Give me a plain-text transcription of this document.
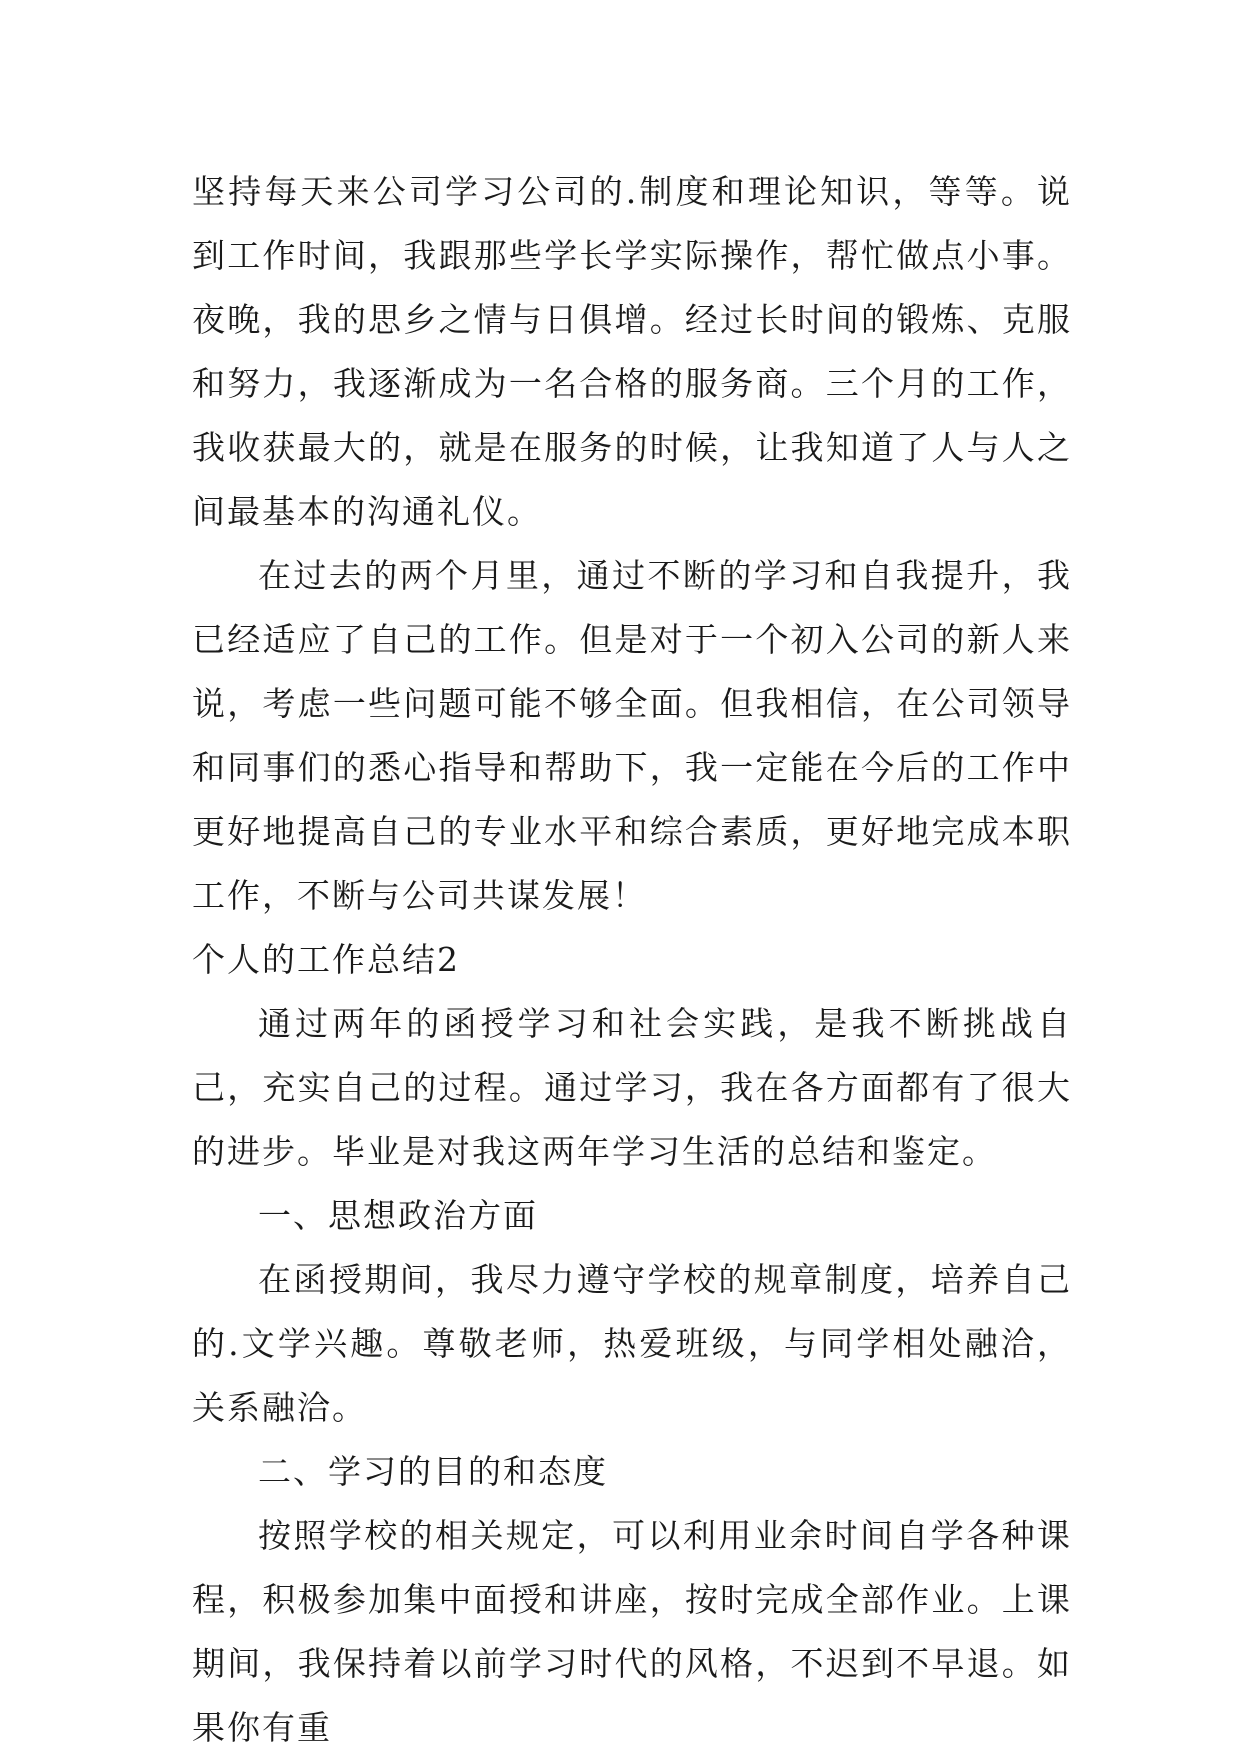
坚持每天来公司学习公司的.制度和理论知识，等等。说到工作时间，我跟那些学长学实际操作，帮忙做点小事。夜晚，我的思乡之情与日俱增。经过长时间的锻炼、克服和努力，我逐渐成为一名合格的服务商。三个月的工作，我收获最大的，就是在服务的时候，让我知道了人与人之间最基本的沟通礼仪。

在过去的两个月里，通过不断的学习和自我提升，我已经适应了自己的工作。但是对于一个初入公司的新人来说，考虑一些问题可能不够全面。但我相信，在公司领导和同事们的悉心指导和帮助下，我一定能在今后的工作中更好地提高自己的专业水平和综合素质，更好地完成本职工作，不断与公司共谋发展！

个人的工作总结2

通过两年的函授学习和社会实践，是我不断挑战自己，充实自己的过程。通过学习，我在各方面都有了很大的进步。毕业是对我这两年学习生活的总结和鉴定。

一、思想政治方面

在函授期间，我尽力遵守学校的规章制度，培养自己的.文学兴趣。尊敬老师，热爱班级，与同学相处融洽，关系融洽。

二、学习的目的和态度

按照学校的相关规定，可以利用业余时间自学各种课程，积极参加集中面授和讲座，按时完成全部作业。上课期间，我保持着以前学习时代的风格，不迟到不早退。如果你有重
